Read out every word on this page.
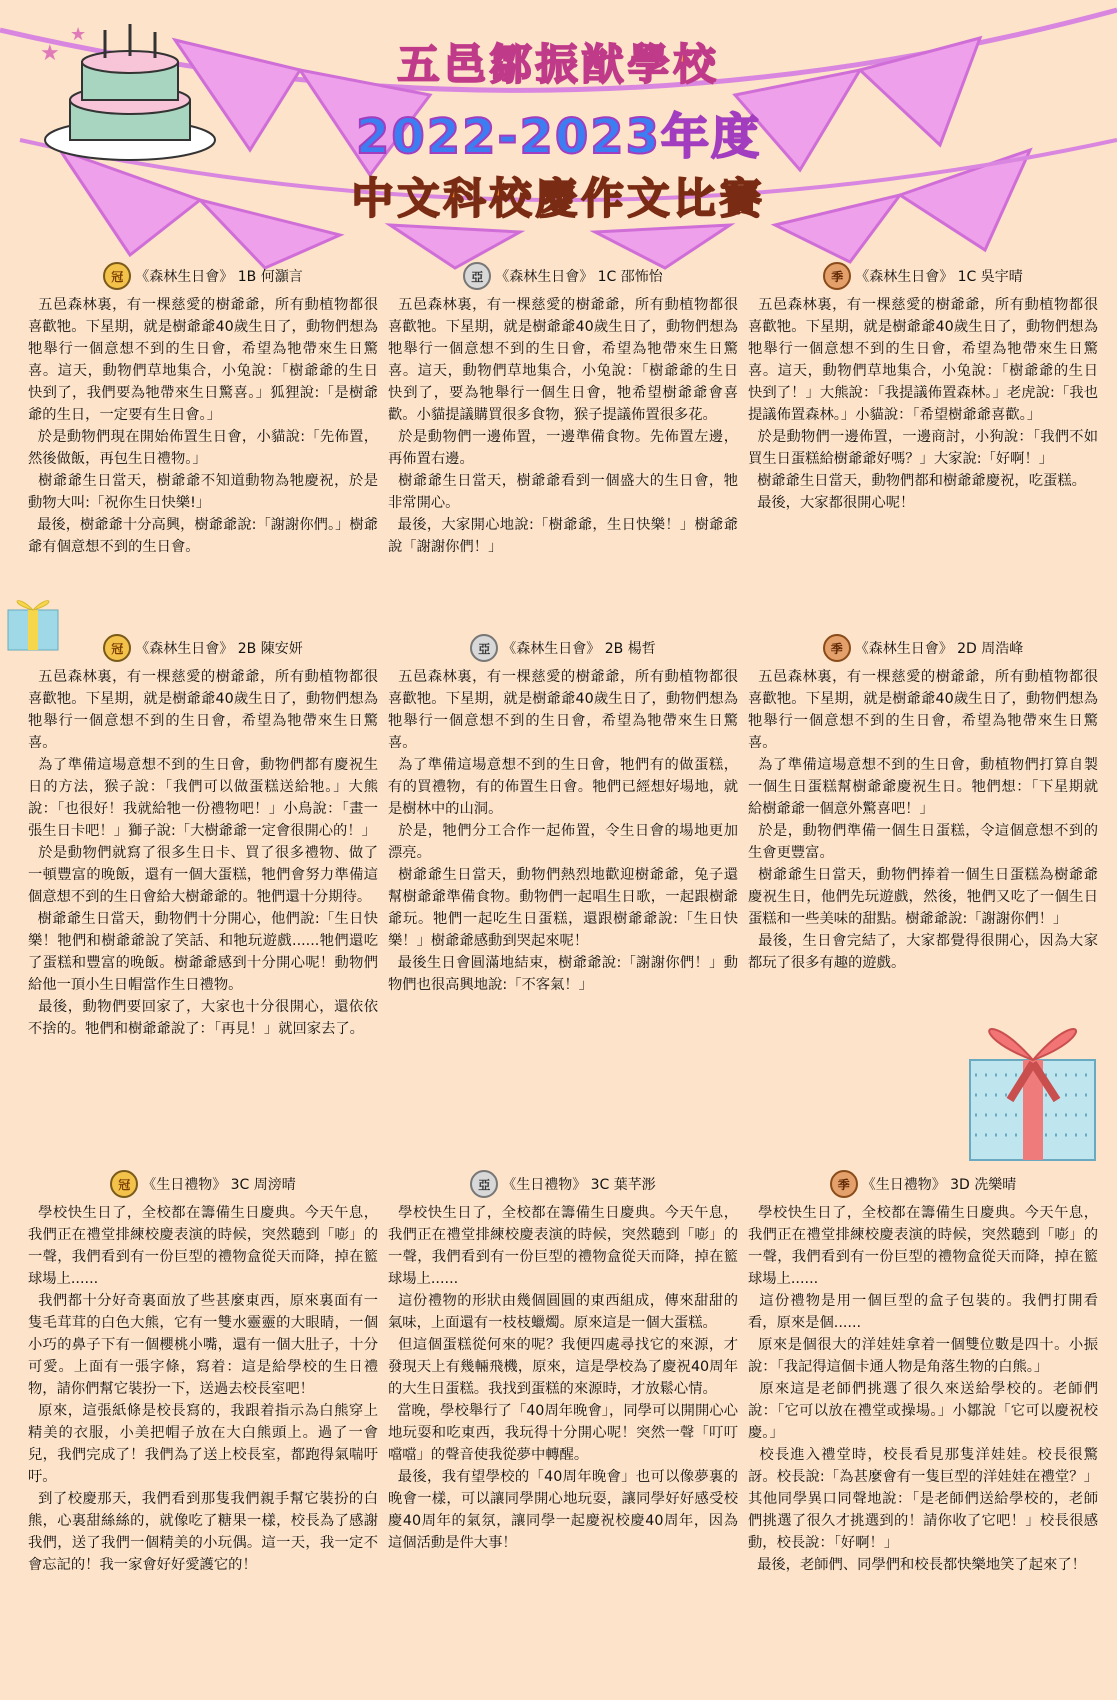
★
★
五邑鄒振猷學校
2022-2023年度
中文科校慶作文比賽
冠 《森林生日會》 1B 何灝言

五邑森林裏，有一棵慈愛的樹爺爺，所有動植物都很喜歡牠。下星期，就是樹爺爺40歲生日了，動物們想為牠舉行一個意想不到的生日會，希望為牠帶來生日驚喜。這天，動物們草地集合，小兔說：「樹爺爺的生日快到了，我們要為牠帶來生日驚喜。」狐狸說:「是樹爺爺的生日，一定要有生日會。」
於是動物們現在開始佈置生日會，小貓說:「先佈置，然後做飯，再包生日禮物。」
樹爺爺生日當天，樹爺爺不知道動物為牠慶祝，於是動物大叫:「祝你生日快樂!」
最後，樹爺爺十分高興，樹爺爺說:「謝謝你們。」樹爺爺有個意想不到的生日會。

亞 《森林生日會》 1C 邵怖怡

五邑森林裏，有一棵慈愛的樹爺爺，所有動植物都很喜歡牠。下星期，就是樹爺爺40歲生日了，動物們想為牠舉行一個意想不到的生日會，希望為牠帶來生日驚喜。這天，動物們草地集合，小兔說：「樹爺爺的生日快到了，要為牠舉行一個生日會，牠希望樹爺爺會喜歡。小貓提議購買很多食物，猴子提議佈置很多花。
於是動物們一邊佈置，一邊準備食物。先佈置左邊，再佈置右邊。
樹爺爺生日當天，樹爺爺看到一個盛大的生日會，牠非常開心。
最後，大家開心地說:「樹爺爺，生日快樂！」樹爺爺說「謝謝你們！」

季 《森林生日會》 1C 吳宇晴

五邑森林裏，有一棵慈愛的樹爺爺，所有動植物都很喜歡牠。下星期，就是樹爺爺40歲生日了，動物們想為牠舉行一個意想不到的生日會，希望為牠帶來生日驚喜。這天，動物們草地集合，小兔說：「樹爺爺的生日快到了！」大熊說：「我提議佈置森林。」老虎說:「我也提議佈置森林。」小貓說：「希望樹爺爺喜歡。」
於是動物們一邊佈置，一邊商討，小狗說：「我們不如買生日蛋糕給樹爺爺好嗎？」大家說:「好啊！」
樹爺爺生日當天，動物們都和樹爺爺慶祝，吃蛋糕。
最後，大家都很開心呢！

冠 《森林生日會》 2B 陳安妍

五邑森林裏，有一棵慈愛的樹爺爺，所有動植物都很喜歡牠。下星期，就是樹爺爺40歲生日了，動物們想為牠舉行一個意想不到的生日會，希望為牠帶來生日驚喜。
為了準備這場意想不到的生日會，動物們都有慶祝生日的方法，猴子說：「我們可以做蛋糕送給牠。」大熊說：「也很好！我就給牠一份禮物吧！」小鳥說：「畫一張生日卡吧！」獅子說:「大樹爺爺一定會很開心的！」
於是動物們就寫了很多生日卡、買了很多禮物、做了一頓豐富的晚飯，還有一個大蛋糕，牠們會努力準備這個意想不到的生日會給大樹爺爺的。牠們還十分期待。
樹爺爺生日當天，動物們十分開心，他們說:「生日快樂！牠們和樹爺爺說了笑話、和牠玩遊戲......牠們還吃了蛋糕和豐富的晚飯。樹爺爺感到十分開心呢！動物們給他一頂小生日帽當作生日禮物。
最後，動物們要回家了，大家也十分很開心，還依依不捨的。牠們和樹爺爺說了：「再見！」就回家去了。

亞 《森林生日會》 2B 楊哲

五邑森林裏，有一棵慈愛的樹爺爺，所有動植物都很喜歡牠。下星期，就是樹爺爺40歲生日了，動物們想為牠舉行一個意想不到的生日會，希望為牠帶來生日驚喜。
為了準備這場意想不到的生日會，牠們有的做蛋糕，有的買禮物，有的佈置生日會。牠們已經想好場地，就是樹林中的山洞。
於是，牠們分工合作一起佈置，令生日會的場地更加漂亮。
樹爺爺生日當天，動物們熱烈地歡迎樹爺爺，兔子還幫樹爺爺準備食物。動物們一起唱生日歌，一起跟樹爺爺玩。牠們一起吃生日蛋糕，還跟樹爺爺說:「生日快樂！」樹爺爺感動到哭起來呢！
最後生日會圓滿地結束，樹爺爺說:「謝謝你們！」動物們也很高興地說:「不客氣！」

季 《森林生日會》 2D 周浩峰

五邑森林裏，有一棵慈愛的樹爺爺，所有動植物都很喜歡牠。下星期，就是樹爺爺40歲生日了，動物們想為牠舉行一個意想不到的生日會，希望為牠帶來生日驚喜。
為了準備這場意想不到的生日會，動植物們打算自製一個生日蛋糕幫樹爺爺慶祝生日。牠們想：「下星期就給樹爺爺一個意外驚喜吧！」
於是，動物們準備一個生日蛋糕，令這個意想不到的生會更豐富。
樹爺爺生日當天，動物們捧着一個生日蛋糕為樹爺爺慶祝生日，他們先玩遊戲，然後，牠們又吃了一個生日蛋糕和一些美味的甜點。樹爺爺說:「謝謝你們！」
最後，生日會完結了，大家都覺得很開心，因為大家都玩了很多有趣的遊戲。

冠 《生日禮物》 3C 周滂晴

學校快生日了，全校都在籌備生日慶典。今天午息，我們正在禮堂排練校慶表演的時候，突然聽到「嘭」的一聲，我們看到有一份巨型的禮物盒從天而降，掉在籃球場上......
我們都十分好奇裏面放了些甚麼東西，原來裏面有一隻毛茸茸的白色大熊，它有一雙水靈靈的大眼睛，一個小巧的鼻子下有一個櫻桃小嘴，還有一個大肚子，十分可愛。上面有一張字條，寫着：這是給學校的生日禮物，請你們幫它裝扮一下，送過去校長室吧！
原來，這張紙條是校長寫的，我跟着指示為白熊穿上精美的衣服，小美把帽子放在大白熊頭上。過了一會兒，我們完成了！我們為了送上校長室，都跑得氣喘吁吁。
到了校慶那天，我們看到那隻我們親手幫它裝扮的白熊，心裏甜絲絲的，就像吃了糖果一樣，校長為了感謝我們，送了我們一個精美的小玩偶。這一天，我一定不會忘記的！我一家會好好愛護它的！

亞 《生日禮物》 3C 葉芊浵

學校快生日了，全校都在籌備生日慶典。今天午息，我們正在禮堂排練校慶表演的時候，突然聽到「嘭」的一聲，我們看到有一份巨型的禮物盒從天而降，掉在籃球場上......
這份禮物的形狀由幾個圓圓的東西組成，傳來甜甜的氣味，上面還有一枝枝蠟燭。原來這是一個大蛋糕。
但這個蛋糕從何來的呢？我便四處尋找它的來源，才發現天上有幾輛飛機，原來，這是學校為了慶祝40周年的大生日蛋糕。我找到蛋糕的來源時，才放鬆心情。
當晚，學校舉行了「40周年晚會」，同學可以開開心心地玩耍和吃東西，我玩得十分開心呢！突然一聲「叮叮噹噹」的聲音使我從夢中轉醒。
最後，我有望學校的「40周年晚會」也可以像夢裏的晚會一樣，可以讓同學開心地玩耍，讓同學好好感受校慶40周年的氣氛，讓同學一起慶祝校慶40周年，因為這個活動是件大事！

季 《生日禮物》 3D 冼樂晴

學校快生日了，全校都在籌備生日慶典。今天午息，我們正在禮堂排練校慶表演的時候，突然聽到「嘭」的一聲，我們看到有一份巨型的禮物盒從天而降，掉在籃球場上......
這份禮物是用一個巨型的盒子包裝的。我們打開看看，原來是個......
原來是個很大的洋娃娃拿着一個雙位數是四十。小振說：「我記得這個卡通人物是角落生物的白熊。」
原來這是老師們挑選了很久來送給學校的。老師們說：「它可以放在禮堂或操場。」小鄒說「它可以慶祝校慶。」
校長進入禮堂時，校長看見那隻洋娃娃。校長很驚訝。校長說:「為甚麼會有一隻巨型的洋娃娃在禮堂？」其他同學異口同聲地說：「是老師們送給學校的，老師們挑選了很久才挑選到的！請你收了它吧！」校長很感動，校長說：「好啊！」
最後，老師們、同學們和校長都快樂地笑了起來了！
